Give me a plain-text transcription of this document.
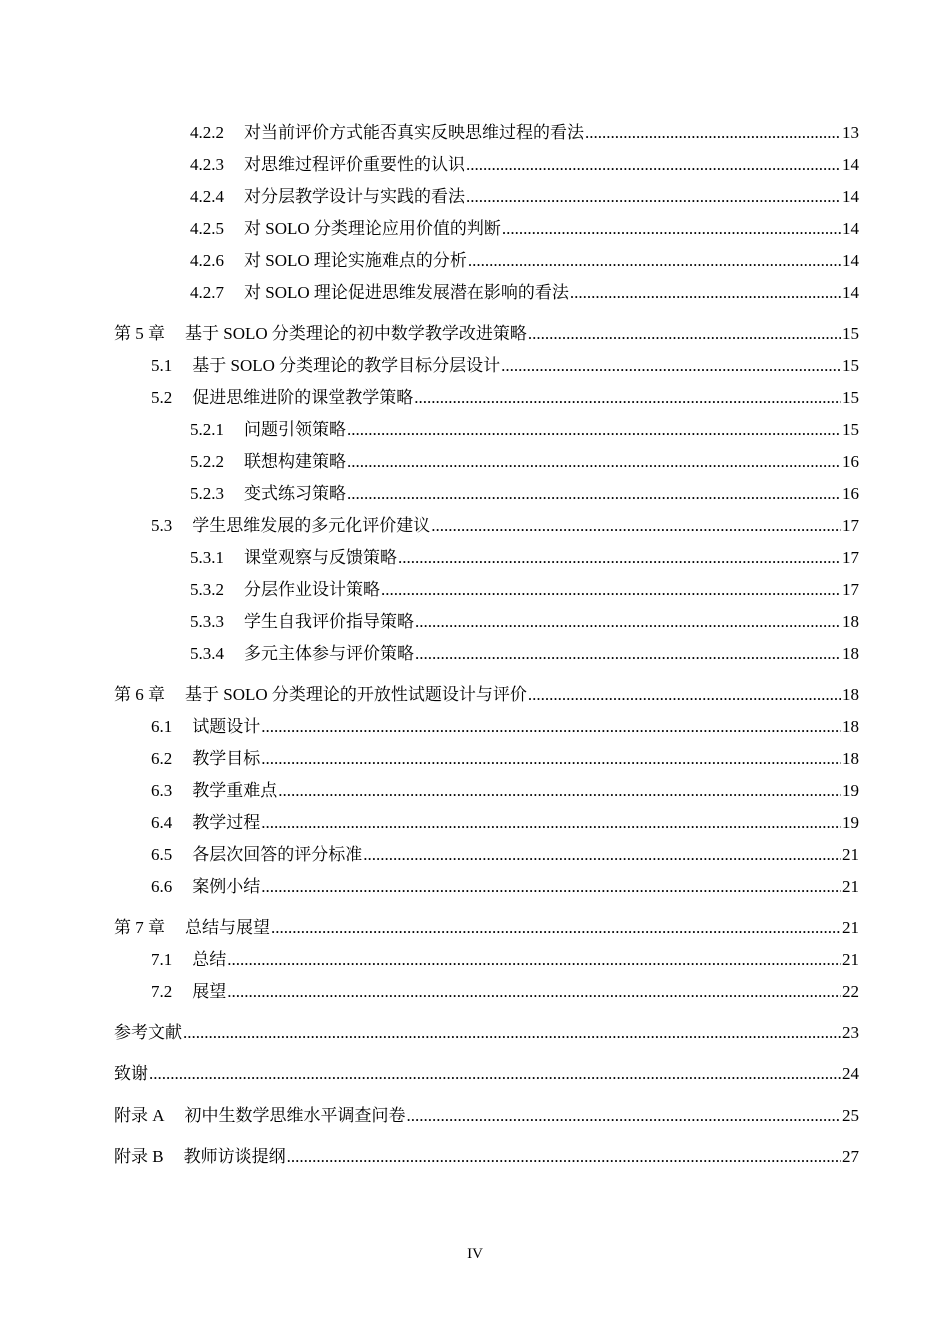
4.2.2	对当前评价方式能否真实反映思维过程的看法 .....	13
4.2.3	对思维过程评价重要性的认识 .....	14
4.2.4	对分层教学设计与实践的看法 .....	14
4.2.5	对 SOLO 分类理论应用价值的判断 .....	14
4.2.6	对 SOLO 理论实施难点的分析 .....	14
4.2.7	对 SOLO 理论促进思维发展潜在影响的看法 .....	14
第 5 章	基于 SOLO 分类理论的初中数学教学改进策略 .....	15
5.1	基于 SOLO 分类理论的教学目标分层设计 .....	15
5.2	促进思维进阶的课堂教学策略 .....	15
5.2.1	问题引领策略 .....	15
5.2.2	联想构建策略 .....	16
5.2.3	变式练习策略 .....	16
5.3	学生思维发展的多元化评价建议 .....	17
5.3.1	课堂观察与反馈策略 .....	17
5.3.2	分层作业设计策略 .....	17
5.3.3	学生自我评价指导策略 .....	18
5.3.4	多元主体参与评价策略 .....	18
第 6 章	基于 SOLO 分类理论的开放性试题设计与评价 .....	18
6.1	试题设计 .....	18
6.2	教学目标 .....	18
6.3	教学重难点 .....	19
6.4	教学过程 .....	19
6.5	各层次回答的评分标准 .....	21
6.6	案例小结 .....	21
第 7 章	总结与展望 .....	21
7.1	总结 .....	21
7.2	展望 .....	22
参考文献 .....	23
致谢 .....	24
附录 A	初中生数学思维水平调查问卷 .....	25
附录 B	教师访谈提纲 .....	27
IV
